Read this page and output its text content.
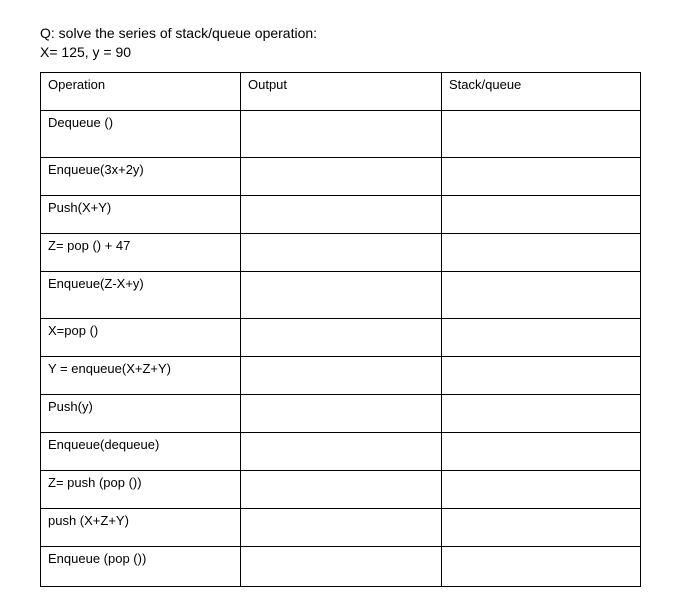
Q: solve the series of stack/queue operation:
X= 125, y = 90
Operation	Output	Stack/queue
Dequeue ()		
Enqueue(3x+2y)		
Push(X+Y)		
Z= pop () + 47		
Enqueue(Z-X+y)		
X=pop ()		
Y = enqueue(X+Z+Y)		
Push(y)		
Enqueue(dequeue)		
Z= push (pop ())		
push (X+Z+Y)		
Enqueue (pop ())		
